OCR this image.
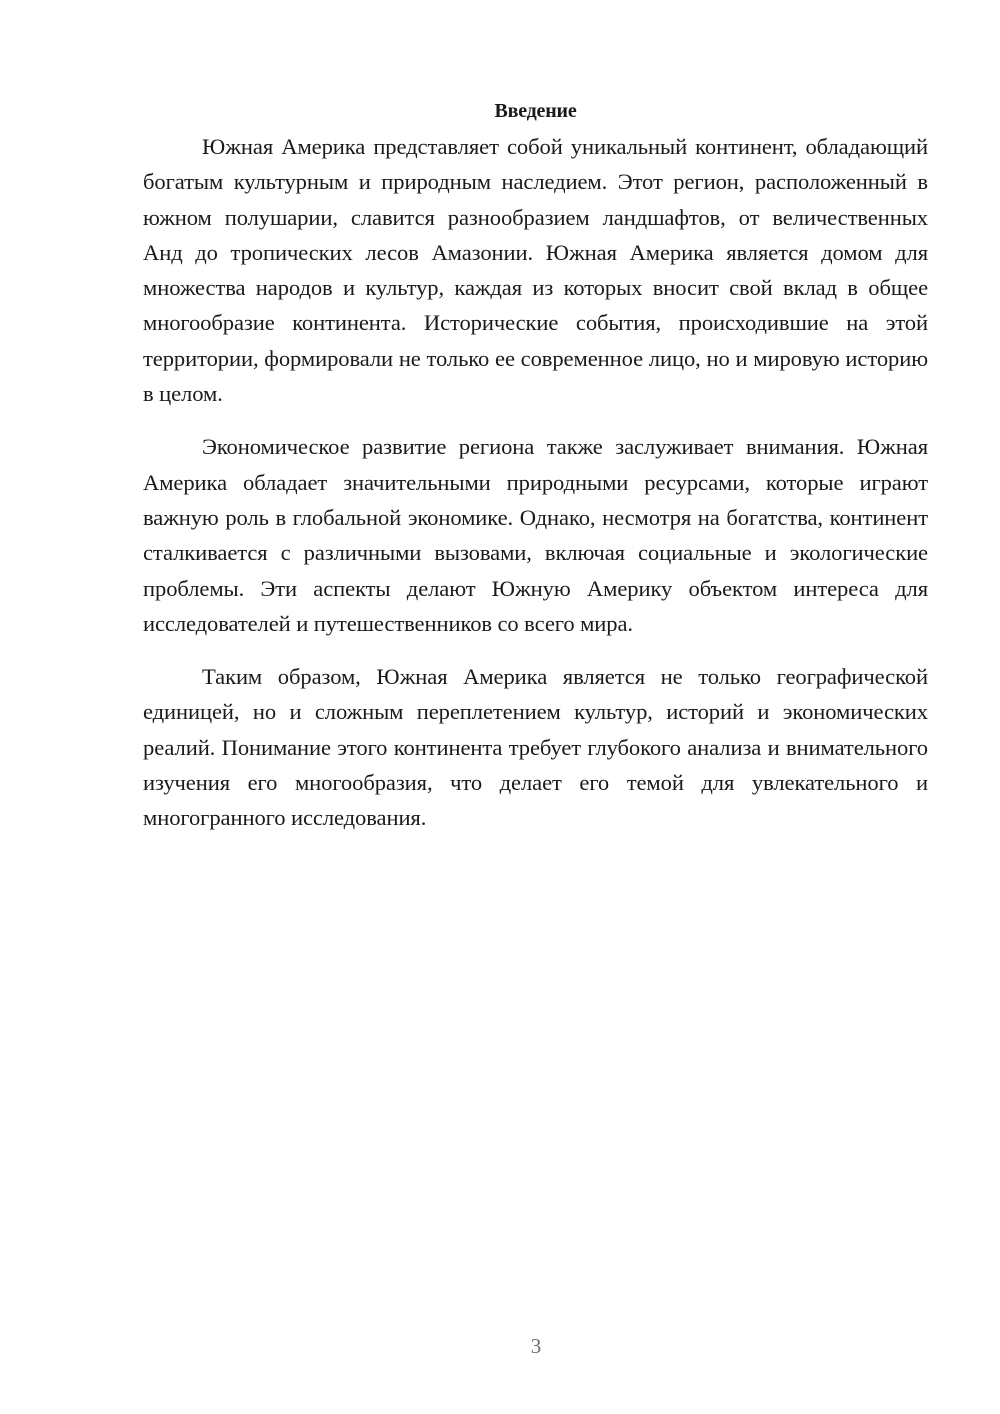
Введение

Южная Америка представляет собой уникальный континент, обладающий богатым культурным и природным наследием. Этот регион, расположенный в южном полушарии, славится разнообразием ландшафтов, от величественных Анд до тропических лесов Амазонии. Южная Америка является домом для множества народов и культур, каждая из которых вносит свой вклад в общее многообразие континента. Исторические события, происходившие на этой территории, формировали не только ее современное лицо, но и мировую историю в целом.

Экономическое развитие региона также заслуживает внимания. Южная Америка обладает значительными природными ресурсами, которые играют важную роль в глобальной экономике. Однако, несмотря на богатства, континент сталкивается с различными вызовами, включая социальные и экологические проблемы. Эти аспекты делают Южную Америку объектом интереса для исследователей и путешественников со всего мира.

Таким образом, Южная Америка является не только географической единицей, но и сложным переплетением культур, историй и экономических реалий. Понимание этого континента требует глубокого анализа и внимательного изучения его многообразия, что делает его темой для увлекательного и многогранного исследования.

3
